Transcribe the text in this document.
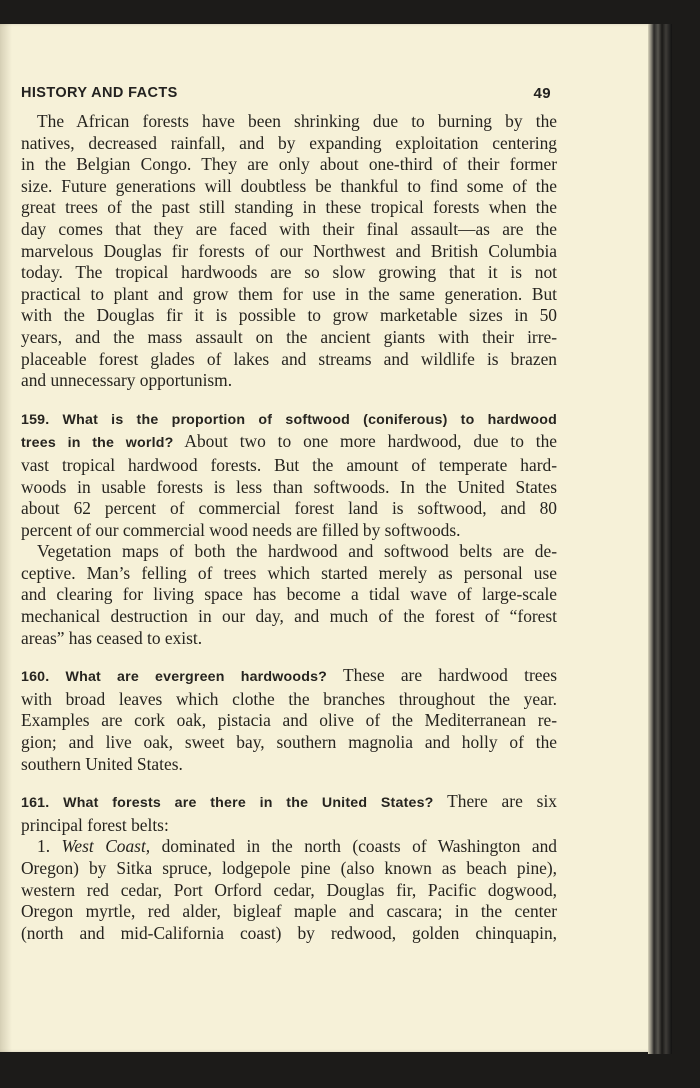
HISTORY AND FACTS	49
The African forests have been shrinking due to burning by the
natives, decreased rainfall, and by expanding exploitation centering
in the Belgian Congo. They are only about one-third of their former
size. Future generations will doubtless be thankful to find some of the
great trees of the past still standing in these tropical forests when the
day comes that they are faced with their final assault—as are the
marvelous Douglas fir forests of our Northwest and British Columbia
today. The tropical hardwoods are so slow growing that it is not
practical to plant and grow them for use in the same generation. But
with the Douglas fir it is possible to grow marketable sizes in 50
years, and the mass assault on the ancient giants with their irre-
placeable forest glades of lakes and streams and wildlife is brazen
and unnecessary opportunism.
159. What is the proportion of softwood (coniferous) to hardwood
trees in the world? About two to one more hardwood, due to the
vast tropical hardwood forests. But the amount of temperate hard-
woods in usable forests is less than softwoods. In the United States
about 62 percent of commercial forest land is softwood, and 80
percent of our commercial wood needs are filled by softwoods.
Vegetation maps of both the hardwood and softwood belts are de-
ceptive. Man’s felling of trees which started merely as personal use
and clearing for living space has become a tidal wave of large-scale
mechanical destruction in our day, and much of the forest of “forest
areas” has ceased to exist.
160. What are evergreen hardwoods? These are hardwood trees
with broad leaves which clothe the branches throughout the year.
Examples are cork oak, pistacia and olive of the Mediterranean re-
gion; and live oak, sweet bay, southern magnolia and holly of the
southern United States.
161. What forests are there in the United States? There are six
principal forest belts:
1. West Coast, dominated in the north (coasts of Washington and
Oregon) by Sitka spruce, lodgepole pine (also known as beach pine),
western red cedar, Port Orford cedar, Douglas fir, Pacific dogwood,
Oregon myrtle, red alder, bigleaf maple and cascara; in the center
(north and mid-California coast) by redwood, golden chinquapin,
